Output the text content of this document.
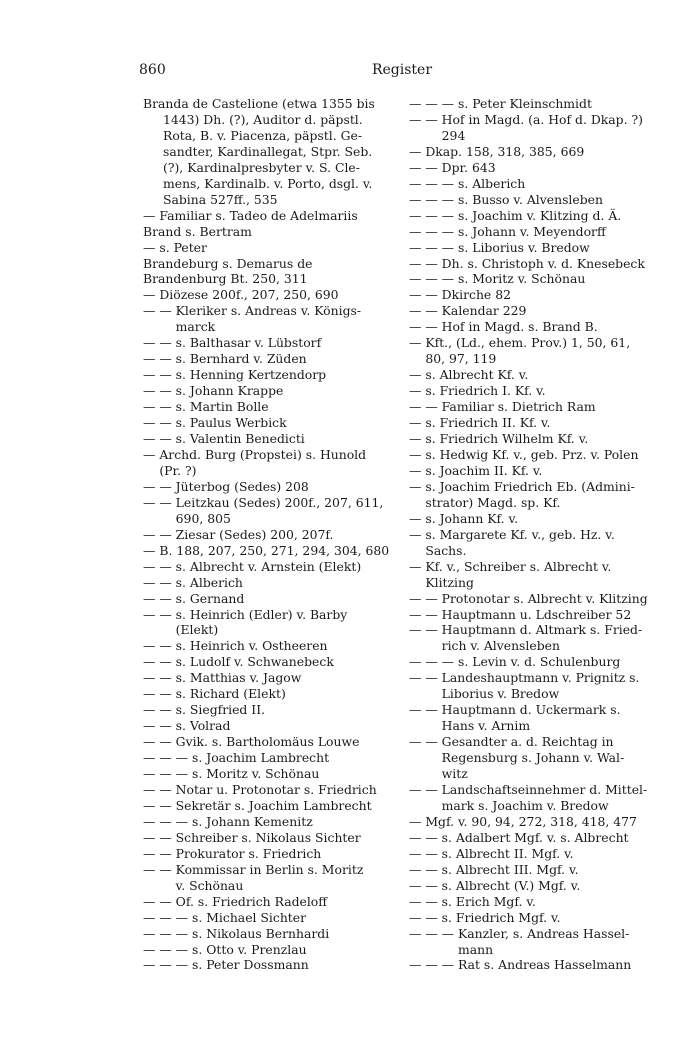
860	Register
Branda de Castelione (etwa 1355 bis
1443) Dh. (?), Auditor d. päpstl.
Rota, B. v. Piacenza, päpstl. Ge-
sandter, Kardinallegat, Stpr. Seb.
(?), Kardinalpresbyter v. S. Cle-
mens, Kardinalb. v. Porto, dsgl. v.
Sabina 527ff., 535
— Familiar s. Tadeo de Adelmariis
Brand s. Bertram
— s. Peter
Brandeburg s. Demarus de
Brandenburg Bt. 250, 311
— Diözese 200f., 207, 250, 690
— — Kleriker s. Andreas v. Königs-
marck
— — s. Balthasar v. Lübstorf
— — s. Bernhard v. Züden
— — s. Henning Kertzendorp
— — s. Johann Krappe
— — s. Martin Bolle
— — s. Paulus Werbick
— — s. Valentin Benedicti
— Archd. Burg (Propstei) s. Hunold
(Pr. ?)
— — Jüterbog (Sedes) 208
— — Leitzkau (Sedes) 200f., 207, 611,
690, 805
— — Ziesar (Sedes) 200, 207f.
— B. 188, 207, 250, 271, 294, 304, 680
— — s. Albrecht v. Arnstein (Elekt)
— — s. Alberich
— — s. Gernand
— — s. Heinrich (Edler) v. Barby
(Elekt)
— — s. Heinrich v. Ostheeren
— — s. Ludolf v. Schwanebeck
— — s. Matthias v. Jagow
— — s. Richard (Elekt)
— — s. Siegfried II.
— — s. Volrad
— — Gvik. s. Bartholomäus Louwe
— — — s. Joachim Lambrecht
— — — s. Moritz v. Schönau
— — Notar u. Protonotar s. Friedrich
— — Sekretär s. Joachim Lambrecht
— — — s. Johann Kemenitz
— — Schreiber s. Nikolaus Sichter
— — Prokurator s. Friedrich
— — Kommissar in Berlin s. Moritz
v. Schönau
— — Of. s. Friedrich Radeloff
— — — s. Michael Sichter
— — — s. Nikolaus Bernhardi
— — — s. Otto v. Prenzlau
— — — s. Peter Dossmann
— — — s. Peter Kleinschmidt
— — Hof in Magd. (a. Hof d. Dkap. ?)
294
— Dkap. 158, 318, 385, 669
— — Dpr. 643
— — — s. Alberich
— — — s. Busso v. Alvensleben
— — — s. Joachim v. Klitzing d. Ä.
— — — s. Johann v. Meyendorff
— — — s. Liborius v. Bredow
— — Dh. s. Christoph v. d. Knesebeck
— — — s. Moritz v. Schönau
— — Dkirche 82
— — Kalendar 229
— — Hof in Magd. s. Brand B.
— Kft., (Ld., ehem. Prov.) 1, 50, 61,
80, 97, 119
— s. Albrecht Kf. v.
— s. Friedrich I. Kf. v.
— — Familiar s. Dietrich Ram
— s. Friedrich II. Kf. v.
— s. Friedrich Wilhelm Kf. v.
— s. Hedwig Kf. v., geb. Prz. v. Polen
— s. Joachim II. Kf. v.
— s. Joachim Friedrich Eb. (Admini-
strator) Magd. sp. Kf.
— s. Johann Kf. v.
— s. Margarete Kf. v., geb. Hz. v.
Sachs.
— Kf. v., Schreiber s. Albrecht v.
Klitzing
— — Protonotar s. Albrecht v. Klitzing
— — Hauptmann u. Ldschreiber 52
— — Hauptmann d. Altmark s. Fried-
rich v. Alvensleben
— — — s. Levin v. d. Schulenburg
— — Landeshauptmann v. Prignitz s.
Liborius v. Bredow
— — Hauptmann d. Uckermark s.
Hans v. Arnim
— — Gesandter a. d. Reichtag in
Regensburg s. Johann v. Wal-
witz
— — Landschaftseinnehmer d. Mittel-
mark s. Joachim v. Bredow
— Mgf. v. 90, 94, 272, 318, 418, 477
— — s. Adalbert Mgf. v. s. Albrecht
— — s. Albrecht II. Mgf. v.
— — s. Albrecht III. Mgf. v.
— — s. Albrecht (V.) Mgf. v.
— — s. Erich Mgf. v.
— — s. Friedrich Mgf. v.
— — — Kanzler, s. Andreas Hassel-
mann
— — — Rat s. Andreas Hasselmann
